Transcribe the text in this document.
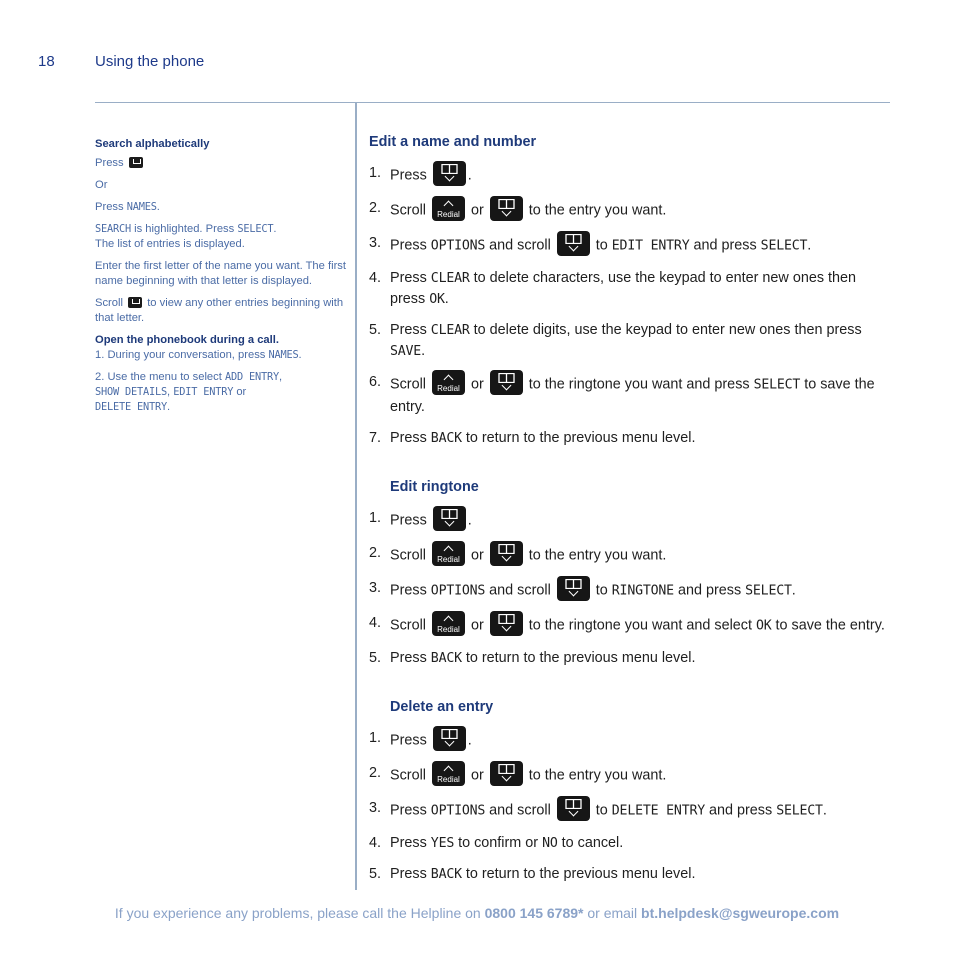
18	Using the phone
Search alphabetically
Press
Or
Press NAMES.
SEARCH is highlighted. Press SELECT.
The list of entries is displayed.
Enter the first letter of the name you want. The first name beginning with that letter is displayed.
Scroll to view any other entries beginning with that letter.
Open the phonebook during a call.
1. During your conversation, press NAMES.
2. Use the menu to select ADD ENTRY,
SHOW DETAILS, EDIT ENTRY or
DELETE ENTRY.
Edit a name and number
1. Press	.
2. Scroll	Redial or	to the entry you want.
3. Press OPTIONS and scroll	to EDIT ENTRY and press SELECT.
4. Press CLEAR to delete characters, use the keypad to enter new ones then press OK.
5. Press CLEAR to delete digits, use the keypad to enter new ones then press SAVE.
6. Scroll	Redial or	to the ringtone you want and press SELECT to save the entry.
7. Press BACK to return to the previous menu level.
Edit ringtone
1. Press	.
2. Scroll	Redial or	to the entry you want.
3. Press OPTIONS and scroll	to RINGTONE and press SELECT.
4. Scroll	Redial or	to the ringtone you want and select OK to save the entry.
5. Press BACK to return to the previous menu level.
Delete an entry
1. Press	.
2. Scroll	Redial or	to the entry you want.
3. Press OPTIONS and scroll	to DELETE ENTRY and press SELECT.
4. Press YES to confirm or NO to cancel.
5. Press BACK to return to the previous menu level.
If you experience any problems, please call the Helpline on 0800 145 6789* or email bt.helpdesk@sgweurope.com
